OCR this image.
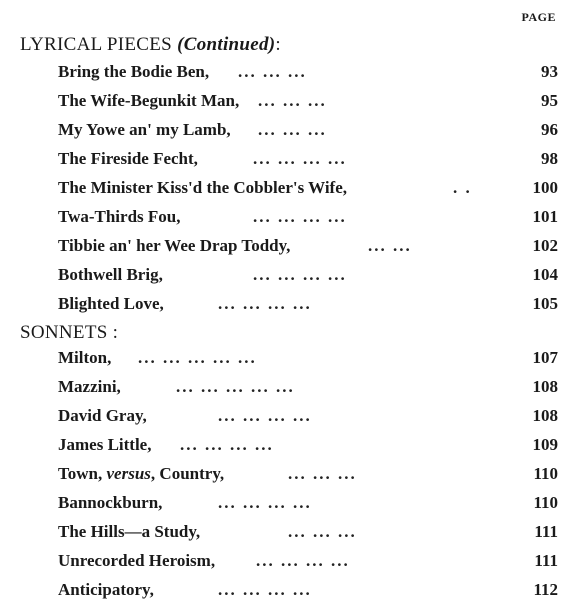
PAGE
LYRICAL PIECES (Continued):
Bring the Bodie Ben, ... ... ...	93
The Wife-Begunkit Man, ... ... ...	95
My Yowe an' my Lamb, ... ... ...	96
The Fireside Fecht,	... ... ... ...	98
The Minister Kiss'd the Cobbler's Wife,	. .	100
Twa-Thirds Fou,	... ... ... ...	101
Tibbie an' her Wee Drap Toddy,	... ...	102
Bothwell Brig,	... ... ... ...	104
Blighted Love,	... ... ... ...	105
SONNETS :
Milton, ... ... ... ... ...	107
Mazzini,	... ... ... ... ...	108
David Gray,	... ... ... ...	108
James Little, ... ... ... ...	109
Town, versus, Country,	... ... ...	110
Bannockburn,	... ... ... ...	110
The Hills—a Study,	... ... ...	111
Unrecorded Heroism, ... ... ... ...	111
Anticipatory,	... ... ... ...	112
